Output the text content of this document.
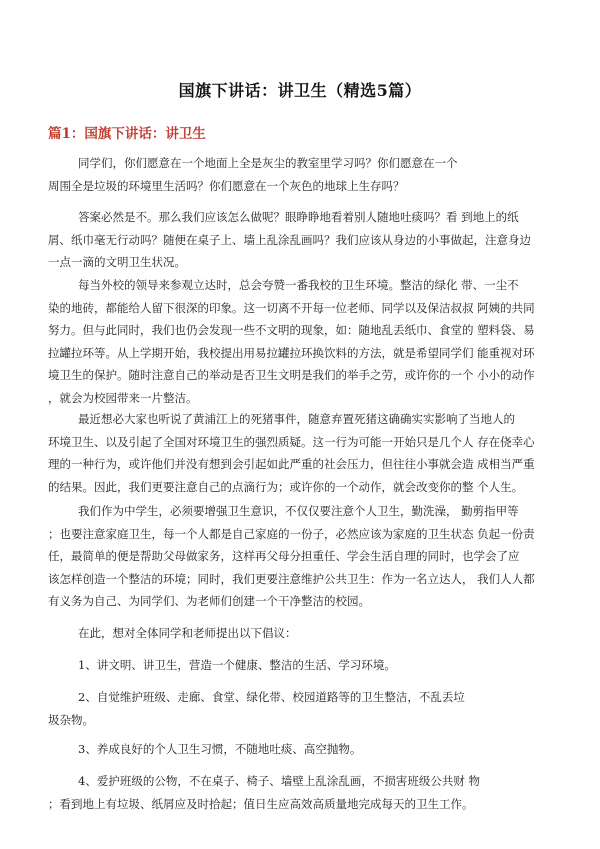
国旗下讲话：讲卫生（精选5篇）
篇1：国旗下讲话：讲卫生
同学们，你们愿意在一个地面上全是灰尘的教室里学习吗？你们愿意在一个
周围全是垃圾的环境里生活吗？你们愿意在一个灰色的地球上生存吗？
答案必然是不。那么我们应该怎么做呢？眼睁睁地看着别人随地吐痰吗？看 到地上的纸
屑、纸巾毫无行动吗？随便在桌子上、墙上乱涂乱画吗？我们应该从身边的小事做起，注意身边
一点一滴的文明卫生状况。
每当外校的领导来参观立达时，总会夸赞一番我校的卫生环境。整洁的绿化 带、一尘不
染的地砖，都能给人留下很深的印象。这一切离不开每一位老师、同学以及保洁叔叔 阿姨的共同
努力。但与此同时，我们也仍会发现一些不文明的现象，如：随地乱丢纸巾、食堂的 塑料袋、易
拉罐拉环等。从上学期开始，我校提出用易拉罐拉环换饮料的方法，就是希望同学们 能重视对环
境卫生的保护。随时注意自己的举动是否卫生文明是我们的举手之劳，或许你的一个 小小的动作
，就会为校园带来一片整洁。
最近想必大家也听说了黄浦江上的死猪事件，随意弃置死猪这确确实实影响了当地人的
环境卫生、以及引起了全国对环境卫生的强烈质疑。这一行为可能一开始只是几个人 存在侥幸心
理的一种行为，或许他们并没有想到会引起如此严重的社会压力，但往往小事就会造 成相当严重
的结果。因此，我们更要注意自己的点滴行为；或许你的一个动作，就会改变你的整 个人生。
我们作为中学生，必须要增强卫生意识，不仅仅要注意个人卫生，勤洗澡， 勤剪指甲等
；也要注意家庭卫生，每一个人都是自己家庭的一份子，必然应该为家庭的卫生状态 负起一份责
任，最简单的便是帮助父母做家务，这样再父母分担重任、学会生活自理的同时，也学会了应
该怎样创造一个整洁的环境；同时，我们更要注意维护公共卫生：作为一名立达人， 我们人人都
有义务为自己、为同学们、为老师们创建一个干净整洁的校园。
在此，想对全体同学和老师提出以下倡议：
1、讲文明、讲卫生，营造一个健康、整洁的生活、学习环境。
2、自觉维护班级、走廊、食堂、绿化带、校园道路等的卫生整洁，不乱丢垃
圾杂物。
3、养成良好的个人卫生习惯，不随地吐痰、高空抛物。
4、爱护班级的公物，不在桌子、椅子、墙壁上乱涂乱画，不损害班级公共财 物
；看到地上有垃圾、纸屑应及时拾起；值日生应高效高质量地完成每天的卫生工作。
